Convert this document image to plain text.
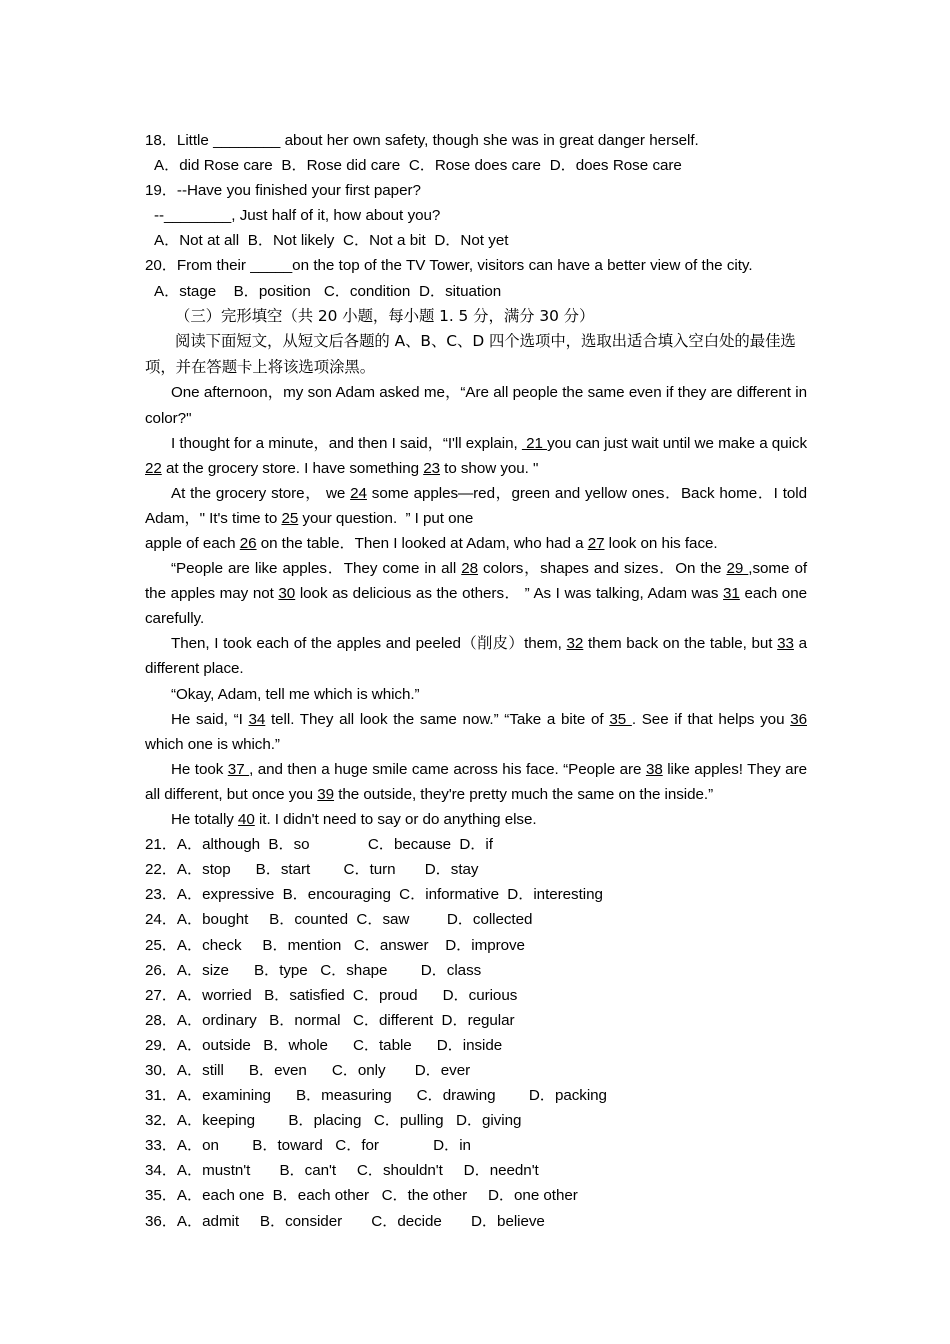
18．Little ________ about her own safety, though she was in great danger herself.
A．did Rose care  B．Rose did care  C．Rose does care  D．does Rose care
19．--Have you finished your first paper?
--________, Just half of it, how about you?
A．Not at all  B．Not likely  C．Not a bit  D．Not yet
20．From their _____on the top of the TV Tower, visitors can have a better view of the city.
A．stage    B．position   C．condition  D．situation
（三）完形填空（共 20 小题，每小题 1. 5 分，满分 30 分）
阅读下面短文，从短文后各题的 A、B、C、D 四个选项中，选取出适合填入空白处的最佳选
项，并在答题卡上将该选项涂黑。
One afternoon，my son Adam asked me，“Are all people the same even if they are different in color?"
I thought for a minute，and then I said，“I'll explain,  21 you can just wait until we make a quick 22 at the grocery store. I have something 23 to show you. "
At the grocery store， we 24 some apples—red，green and yellow ones．Back home．I told Adam，" It's time to 25 your question.  ” I put one
apple of each 26 on the table．Then I looked at Adam, who had a 27 look on his face.
“People are like apples．They come in all 28 colors，shapes and sizes．On the 29 ,some of the apples may not 30 look as delicious as the others． ” As I was talking, Adam was 31 each one carefully.
Then, I took each of the apples and peeled（削皮）them, 32 them back on the table, but 33 a different place.
“Okay, Adam, tell me which is which.”
He said, “I 34 tell. They all look the same now.” “Take a bite of 35 . See if that helps you 36 which one is which.”
He took 37 , and then a huge smile came across his face. “People are 38 like apples! They are all different, but once you 39 the outside, they're pretty much the same on the inside.”
He totally 40 it. I didn't need to say or do anything else.
21．A．although  B．so              C．because  D．if
22．A．stop      B．start        C．turn       D．stay
23．A．expressive  B．encouraging  C．informative  D．interesting
24．A．bought     B．counted  C．saw         D．collected
25．A．check     B．mention   C．answer    D．improve
26．A．size      B．type   C．shape        D．class
27．A．worried   B．satisfied  C．proud      D．curious
28．A．ordinary   B．normal   C．different  D．regular
29．A．outside   B．whole      C．table      D．inside
30．A．still      B．even      C．only       D．ever
31．A．examining      B．measuring      C．drawing        D．packing
32．A．keeping        B．placing   C．pulling   D．giving
33．A．on        B．toward   C．for             D．in
34．A．mustn't       B．can't     C．shouldn't     D．needn't
35．A．each one  B．each other   C．the other     D．one other
36．A．admit     B．consider       C．decide       D．believe
